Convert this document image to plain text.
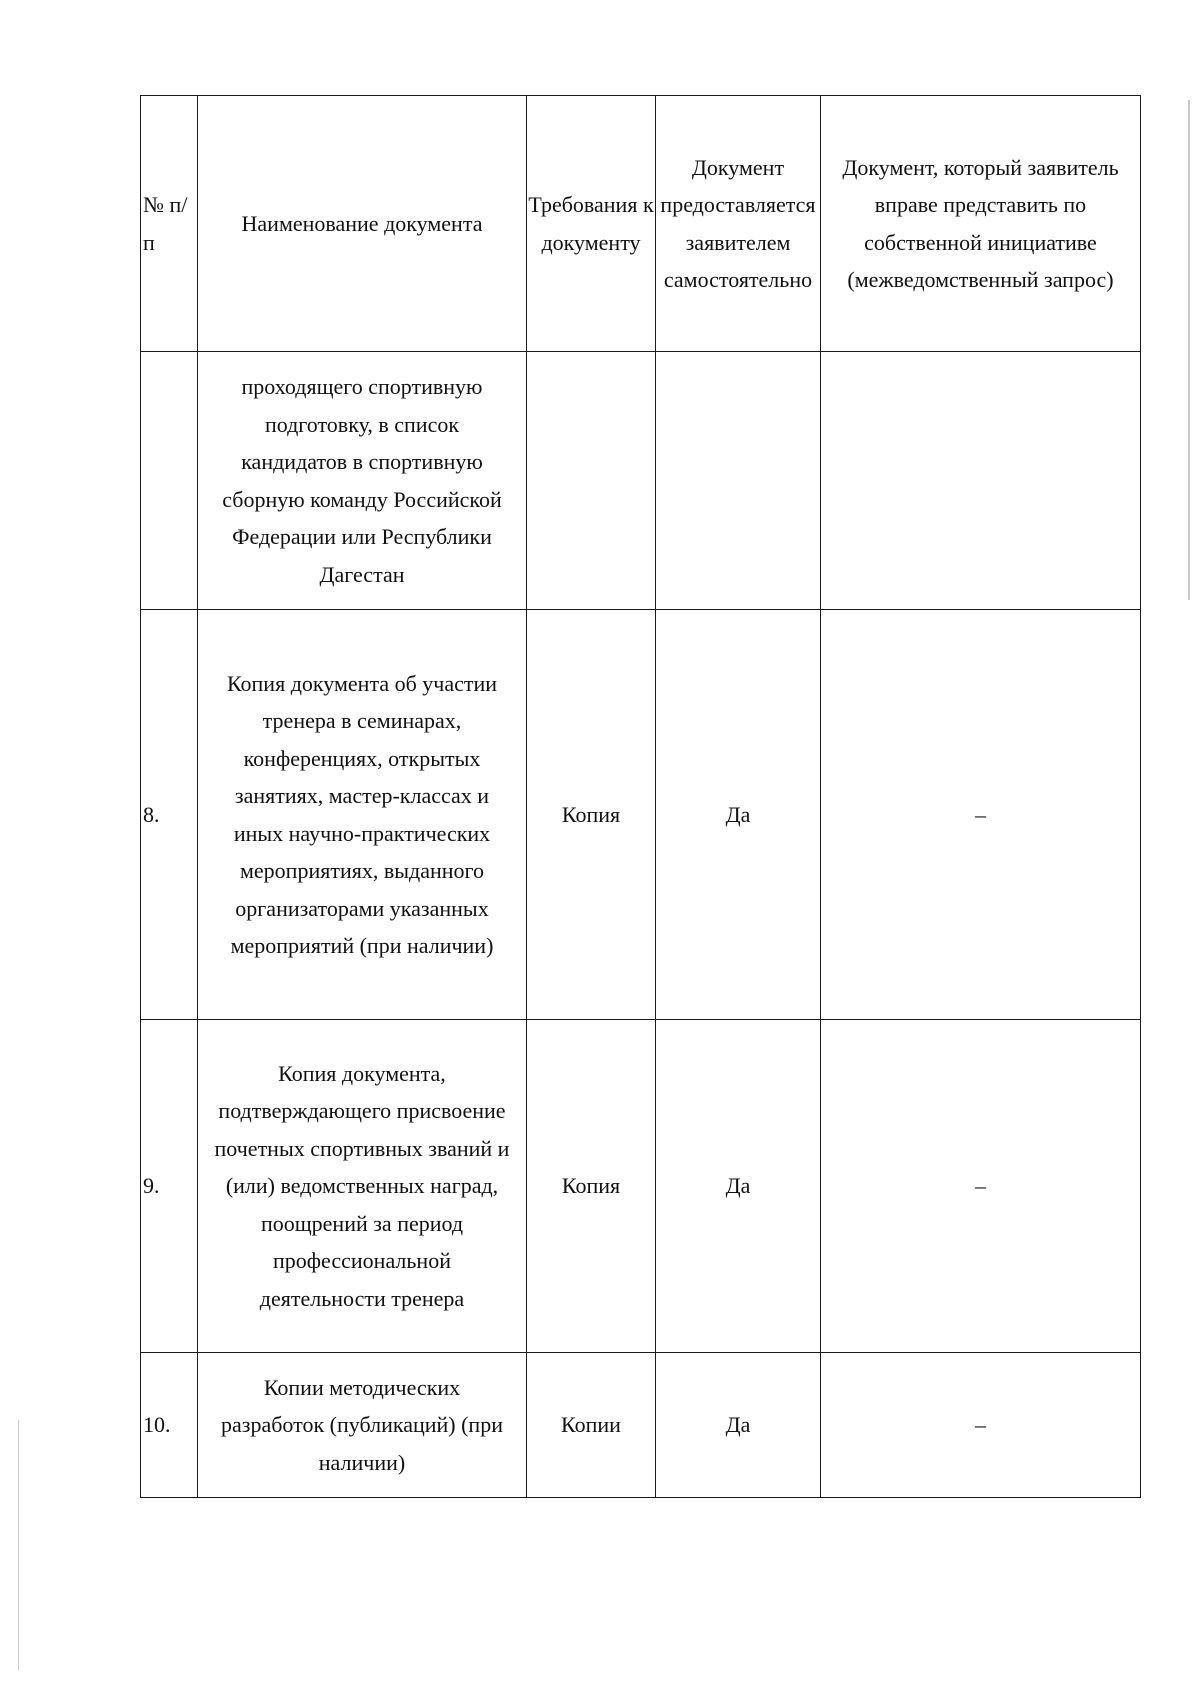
№ п/п	Наименование документа	Требования к документу	Документ предоставляется заявителем самостоятельно	Документ, который заявитель вправе представить по собственной инициативе (межведомственный запрос)

	проходящего спортивную подготовку, в список кандидатов в спортивную сборную команду Российской Федерации или Республики Дагестан			

8.	Копия документа об участии тренера в семинарах, конференциях, открытых занятиях, мастер-классах и иных научно-практических мероприятиях, выданного организаторами указанных мероприятий (при наличии)	Копия	Да	–
9.	Копия документа, подтверждающего присвоение почетных спортивных званий и (или) ведомственных наград, поощрений за период профессиональной деятельности тренера	Копия	Да	–
10.	Копии методических разработок (публикаций) (при наличии)	Копии	Да	–
